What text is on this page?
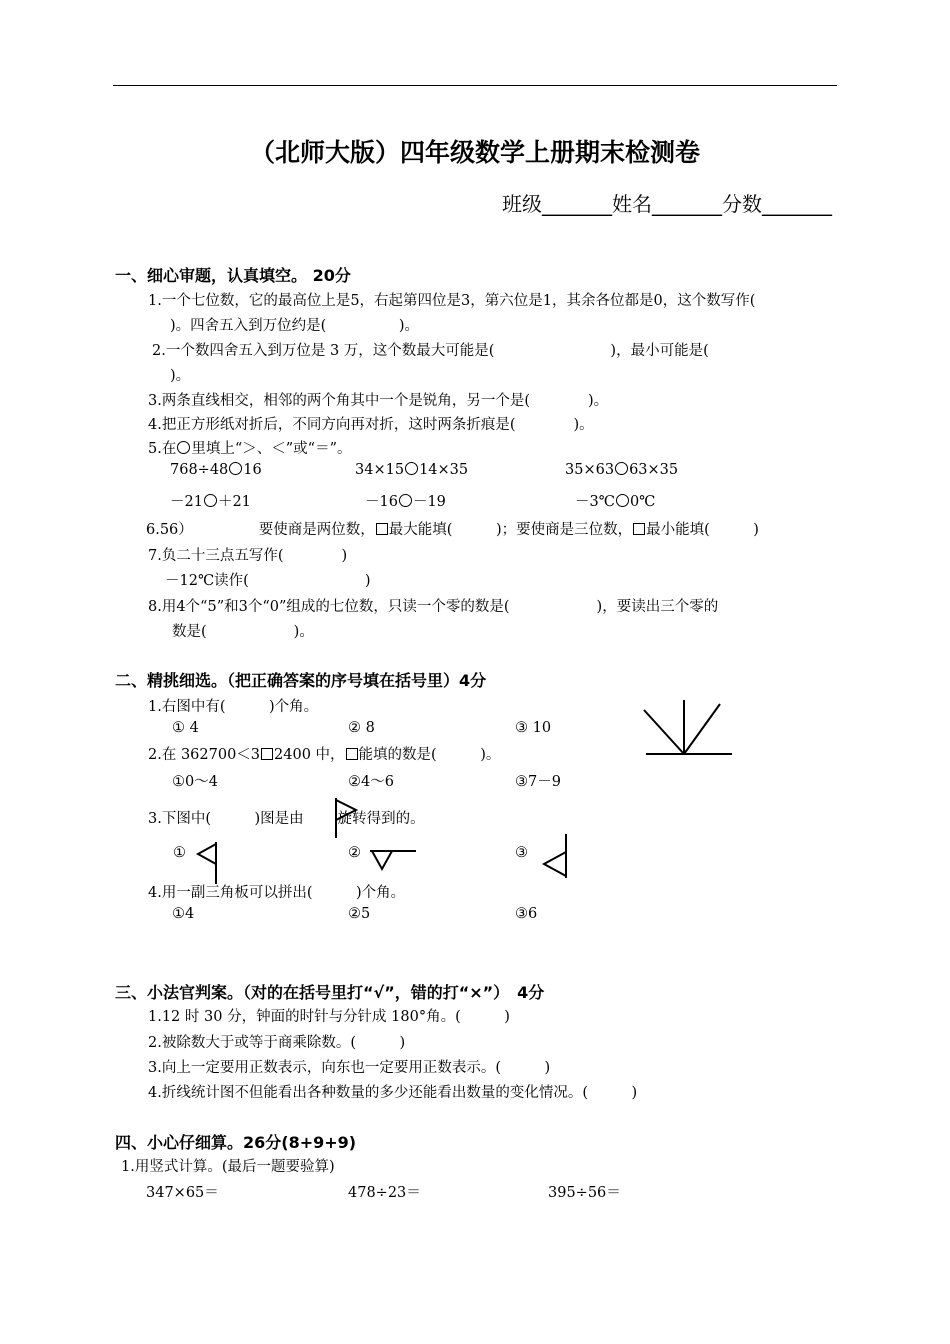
（北师大版）四年级数学上册期末检测卷
班级_______姓名_______分数_______
一、细心审题，认真填空。 20分
1.一个七位数，它的最高位上是5，右起第四位是3，第六位是1，其余各位都是0，这个数写作(
)。四舍五入到万位约是(　　　　　)。
2.一个数四舍五入到万位是 3 万，这个数最大可能是(　　　　　　　　)，最小可能是(
)。
3.两条直线相交，相邻的两个角其中一个是锐角，另一个是(　　　　)。
4.把正方形纸对折后，不同方向再对折，这时两条折痕是(　　　　)。
5.在 里填上“＞、＜”或“＝”。
768÷48 16	34×15 14×35	35×63 63×35
－21 ＋21	－16 －19	－3℃ 0℃
6.56）	要使商是两位数， 最大能填(　　　)；要使商是三位数， 最小能填(　　　)
7.负二十三点五写作(　　　　)
－12℃读作(　　　　　　　　)
8.用4个“5”和3个“0”组成的七位数，只读一个零的数是(　　　　　　)，要读出三个零的
数是(　　　　　　)。
二、精挑细选。（把正确答案的序号填在括号里）4分
1.右图中有(　　　)个角。
① 4	② 8	③ 10
2.在 362700＜3 2400 中， 能填的数是(　　　)。
①0～4	②4～6	③7－9
3.下图中(　　　)图是由 旋转得到的。
①	②	③
4.用一副三角板可以拼出(　　　)个角。
①4	②5	③6
三、小法官判案。（对的在括号里打“√”，错的打“×”）　4分
1.12 时 30 分，钟面的时针与分针成 180°角。(　　　)
2.被除数大于或等于商乘除数。(　　　)
3.向上一定要用正数表示，向东也一定要用正数表示。(　　　)
4.折线统计图不但能看出各种数量的多少还能看出数量的变化情况。(　　　)
四、小心仔细算。26分(8+9+9)
1.用竖式计算。(最后一题要验算)
347×65＝	478÷23＝	395÷56＝
